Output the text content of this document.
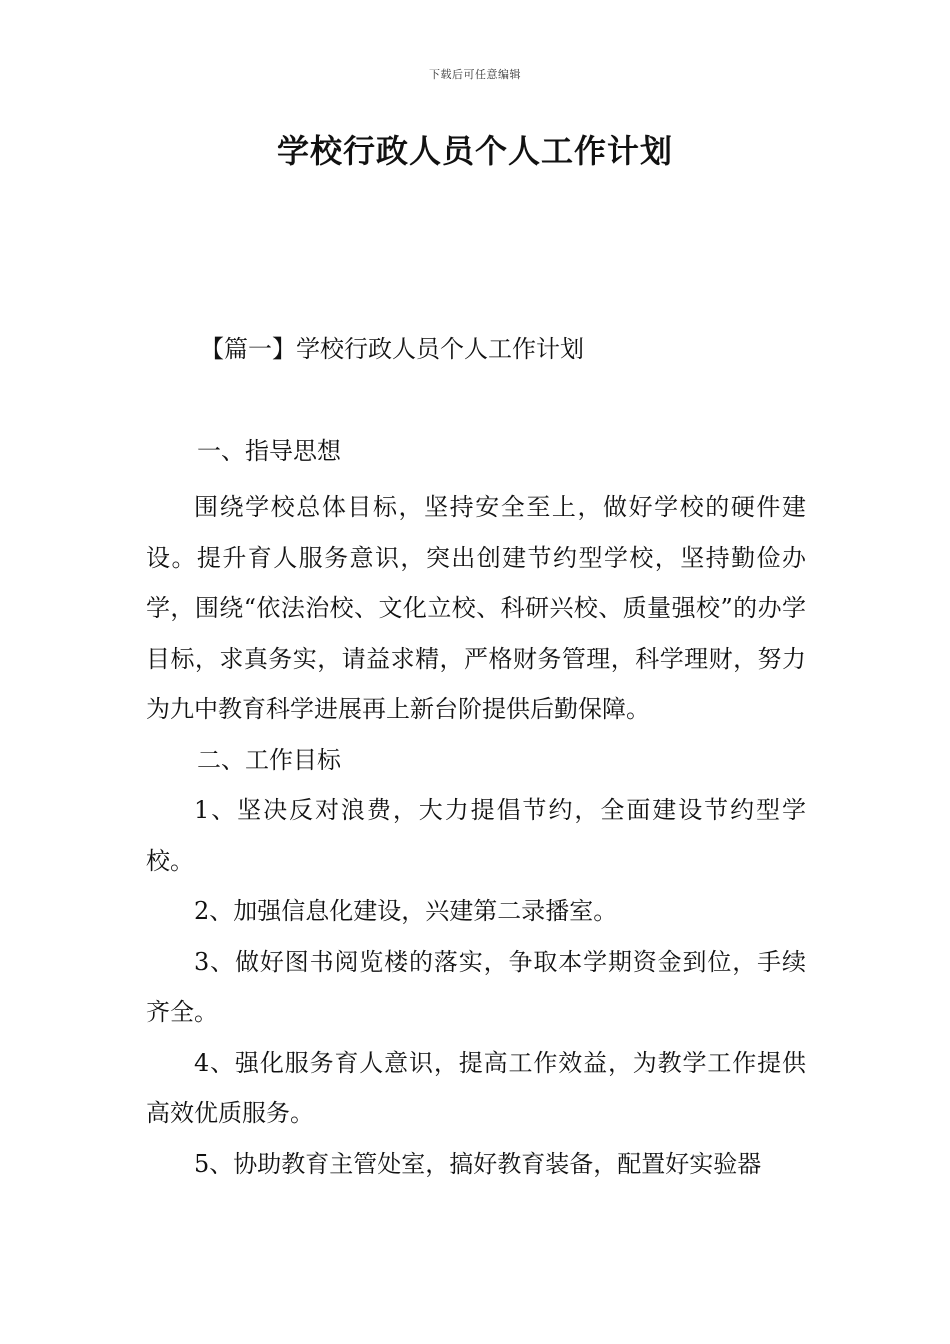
下载后可任意编辑
学校行政人员个人工作计划
【篇一】学校行政人员个人工作计划
一、指导思想

围绕学校总体目标，坚持安全至上，做好学校的硬件建设。提升育人服务意识，突出创建节约型学校，坚持勤俭办学，围绕“依法治校、文化立校、科研兴校、质量强校”的办学目标，求真务实，请益求精，严格财务管理，科学理财，努力为九中教育科学进展再上新台阶提供后勤保障。

二、工作目标

1、坚决反对浪费，大力提倡节约，全面建设节约型学校。

2、加强信息化建设，兴建第二录播室。

3、做好图书阅览楼的落实，争取本学期资金到位，手续齐全。

4、强化服务育人意识，提高工作效益，为教学工作提供高效优质服务。

5、协助教育主管处室，搞好教育装备，配置好实验器
